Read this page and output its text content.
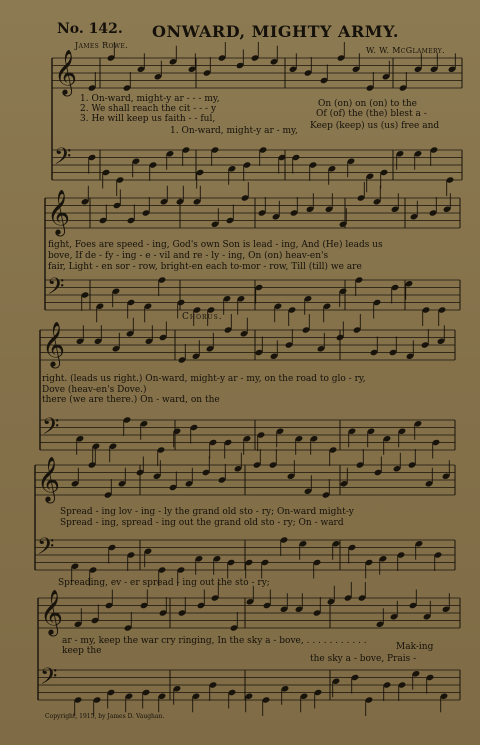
𝄞
𝄢
𝄞
𝄢
𝄞
𝄢
𝄞
𝄢
𝄞
𝄢
No. 142. ONWARD, MIGHTY ARMY.
James Rowe.
W. W. McGlamery.
1. On-ward, might-y ar - - - my,	On (on) on (on) to the
2. We shall reach the cit - - - y	Of (of) the (the) blest a -
3. He will keep us faith - - ful,
Keep (keep) us (us) free and
1. On-ward, might-y ar - my,
fight, Foes are speed - ing, God's own Son is lead - ing, And (He) leads us
bove, If de - fy - ing - e - vil and re - ly - ing, On (on) heav-en's
fair, Light - en sor - row, bright-en each to-mor - row, Till (till) we are
Chorus.
right. (leads us right.) On-ward, might-y ar - my, on the road to glo - ry,
Dove (heav-en's Dove.)
there (we are there.) On - ward, on the
Spread - ing lov - ing - ly the grand old sto - ry; On-ward might-y
Spread - ing, spread - ing out the grand old sto - ry; On - ward
Spreading, ev - er spread - ing out the sto - ry;
ar - my, keep the war cry ringing, In the sky a - bove, . . . . . . . . . . .
Mak-ing
keep the
the sky a - bove, Prais -
Copyright, 1915, by James D. Vaughan.
